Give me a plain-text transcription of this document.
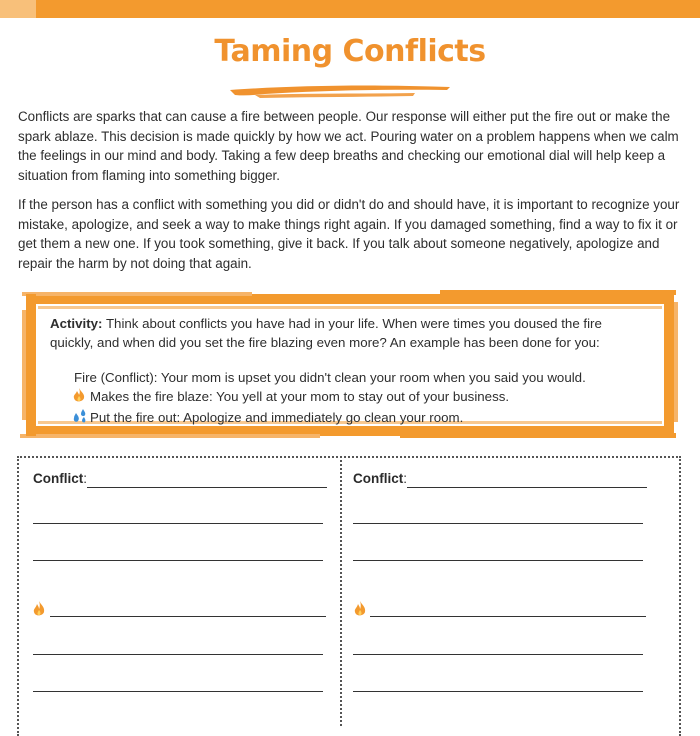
Taming Conflicts

Conflicts are sparks that can cause a fire between people. Our response will either put the fire out or make the spark ablaze. This decision is made quickly by how we act. Pouring water on a problem happens when we calm the feelings in our mind and body. Taking a few deep breaths and checking our emotional dial will help keep a situation from flaming into something bigger.

If the person has a conflict with something you did or didn't do and should have, it is important to recognize your mistake, apologize, and seek a way to make things right again. If you damaged something, find a way to fix it or get them a new one. If you took something, give it back. If you talk about someone negatively, apologize and repair the harm by not doing that again.

Activity: Think about conflicts you have had in your life. When were times you doused the fire quickly, and when did you set the fire blazing even more? An example has been done for you:

Fire (Conflict): Your mom is upset you didn't clean your room when you said you would.

Makes the fire blaze: You yell at your mom to stay out of your business.

Put the fire out: Apologize and immediately go clean your room.

Conflict:	Conflict:
